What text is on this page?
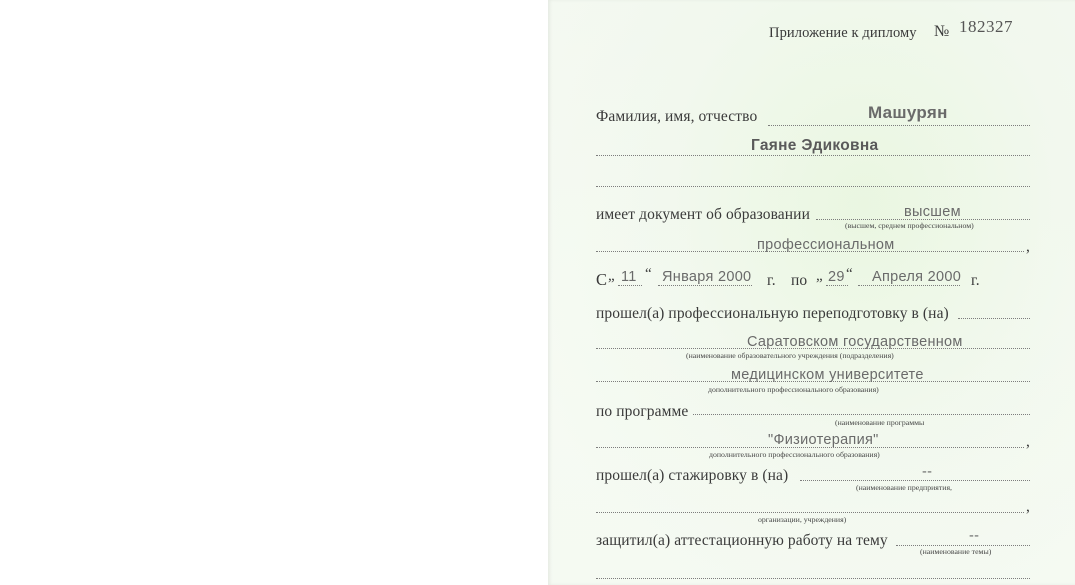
Приложение к диплому № 182327
Фамилия, имя, отчество	Машурян
Гаяне Эдиковна
имеет документ об образовании	высшем
(высшем, среднем профессиональном)
,
профессиональном
С „ 11 “ Января 2000 г. по „ 29 “ Апреля 2000 г.
прошел(а) профессиональную переподготовку в (на)
Саратовском государственном
(наименование образовательного учреждения (подразделения)
медицинском университете
дополнительного профессионального образования)
по программе
(наименование программы
,
"Физиотерапия"
дополнительного профессионального образования)
прошел(а) стажировку в (на)	--
(наименование предприятия,
,
организации, учреждения)
защитил(а) аттестационную работу на тему	--
(наименование темы)
